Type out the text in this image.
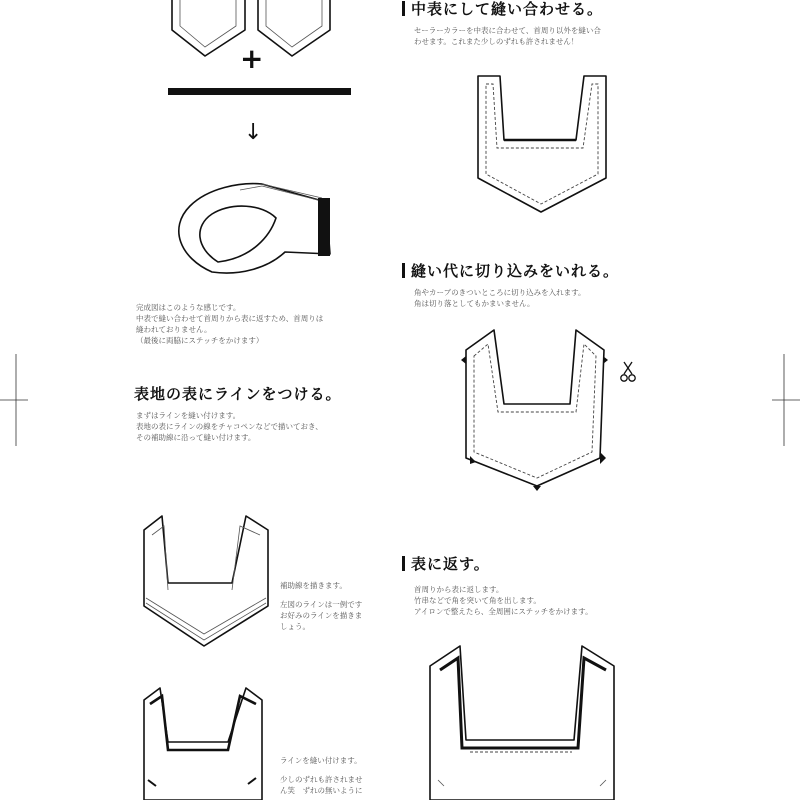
+
↓
中表にして縫い合わせる。
セーラーカラーを中表に合わせて、首周り以外を縫い合
わせます。これまた少しのずれも許されません！
縫い代に切り込みをいれる。
角やカーブのきついところに切り込みを入れます。
角は切り落としてもかまいません。
完成図はこのような感じです。
中表で縫い合わせて首周りから表に返すため、首周りは
縫われておりません。
（最後に両脇にステッチをかけます）
表地の表にラインをつける。
まずはラインを縫い付けます。
表地の表にラインの線をチャコペンなどで描いておき、
その補助線に沿って縫い付けます。
補助線を描きます。
左図のラインは一例です
お好みのラインを描きま
しょう。
ラインを縫い付けます。
少しのずれも許されませ
ん笑　ずれの無いように
表に返す。
首周りから表に返します。
竹串などで角を突いて角を出します。
アイロンで整えたら、全周囲にステッチをかけます。
